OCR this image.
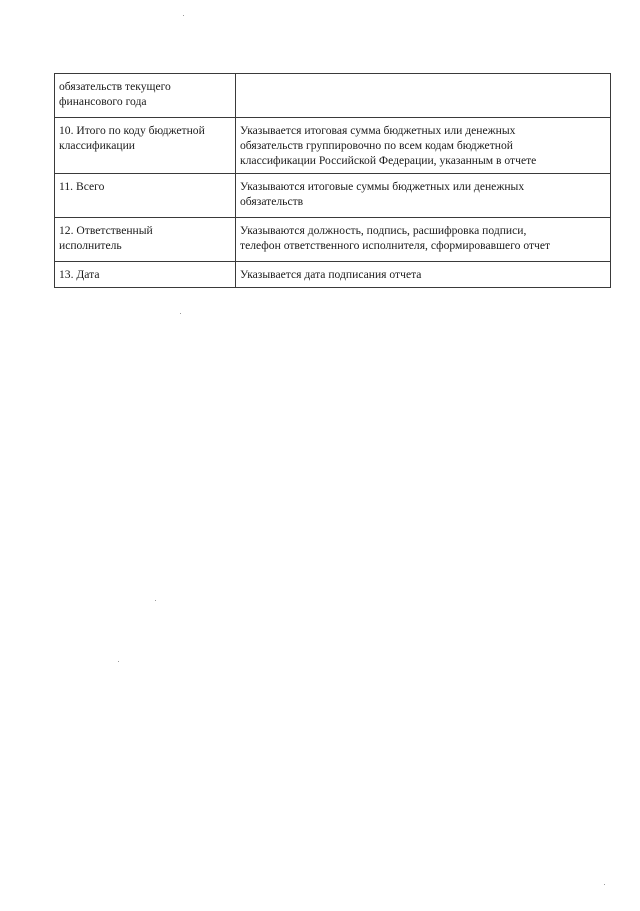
обязательств текущего
финансового года	
10. Итого по коду бюджетной
классификации	Указывается итоговая сумма бюджетных или денежных
обязательств группировочно по всем кодам бюджетной
классификации Российской Федерации, указанным в отчете
11. Всего	Указываются итоговые суммы бюджетных или денежных
обязательств
12. Ответственный
исполнитель	Указываются должность, подпись, расшифровка подписи,
телефон ответственного исполнителя, сформировавшего отчет
13. Дата	Указывается дата подписания отчета
